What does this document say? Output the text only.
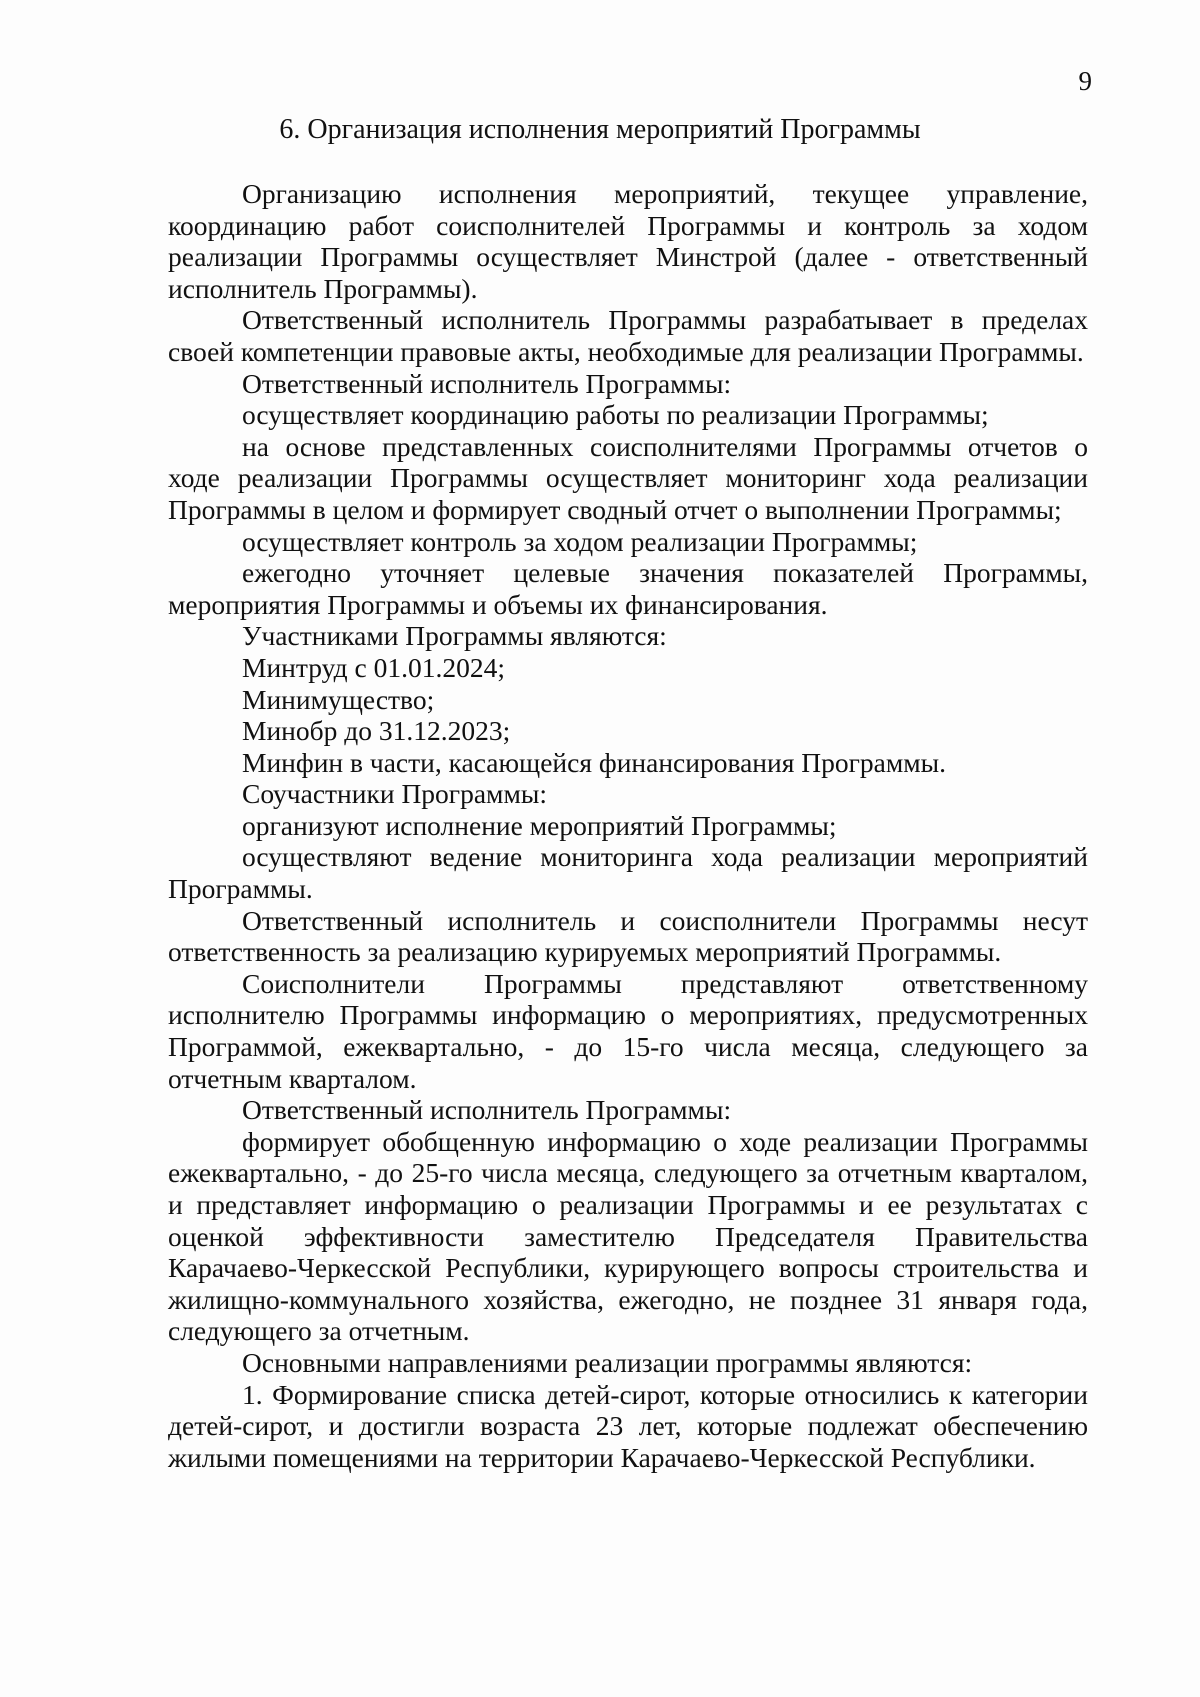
9
6. Организация исполнения мероприятий Программы

Организацию исполнения мероприятий, текущее управление, координацию работ соисполнителей Программы и контроль за ходом реализации Программы осуществляет Минстрой (далее - ответственный исполнитель Программы).

Ответственный исполнитель Программы разрабатывает в пределах своей компетенции правовые акты, необходимые для реализации Программы.

Ответственный исполнитель Программы:

осуществляет координацию работы по реализации Программы;

на основе представленных соисполнителями Программы отчетов о ходе реализации Программы осуществляет мониторинг хода реализации Программы в целом и формирует сводный отчет о выполнении Программы;

осуществляет контроль за ходом реализации Программы;

ежегодно уточняет целевые значения показателей Программы, мероприятия Программы и объемы их финансирования.

Участниками Программы являются:

Минтруд с 01.01.2024;

Минимущество;

Минобр до 31.12.2023;

Минфин в части, касающейся финансирования Программы.

Соучастники Программы:

организуют исполнение мероприятий Программы;

осуществляют ведение мониторинга хода реализации мероприятий Программы.

Ответственный исполнитель и соисполнители Программы несут ответственность за реализацию курируемых мероприятий Программы.

Соисполнители Программы представляют ответственному исполнителю Программы информацию о мероприятиях, предусмотренных Программой, ежеквартально, - до 15-го числа месяца, следующего за отчетным кварталом.

Ответственный исполнитель Программы:

формирует обобщенную информацию о ходе реализации Программы ежеквартально, - до 25-го числа месяца, следующего за отчетным кварталом, и представляет информацию о реализации Программы и ее результатах с оценкой эффективности заместителю Председателя Правительства Карачаево-Черкесской Республики, курирующего вопросы строительства и жилищно-коммунального хозяйства, ежегодно, не позднее 31 января года, следующего за отчетным.

Основными направлениями реализации программы являются:

1. Формирование списка детей-сирот, которые относились к категории детей-сирот, и достигли возраста 23 лет, которые подлежат обеспечению жилыми помещениями на территории Карачаево-Черкесской Республики.
